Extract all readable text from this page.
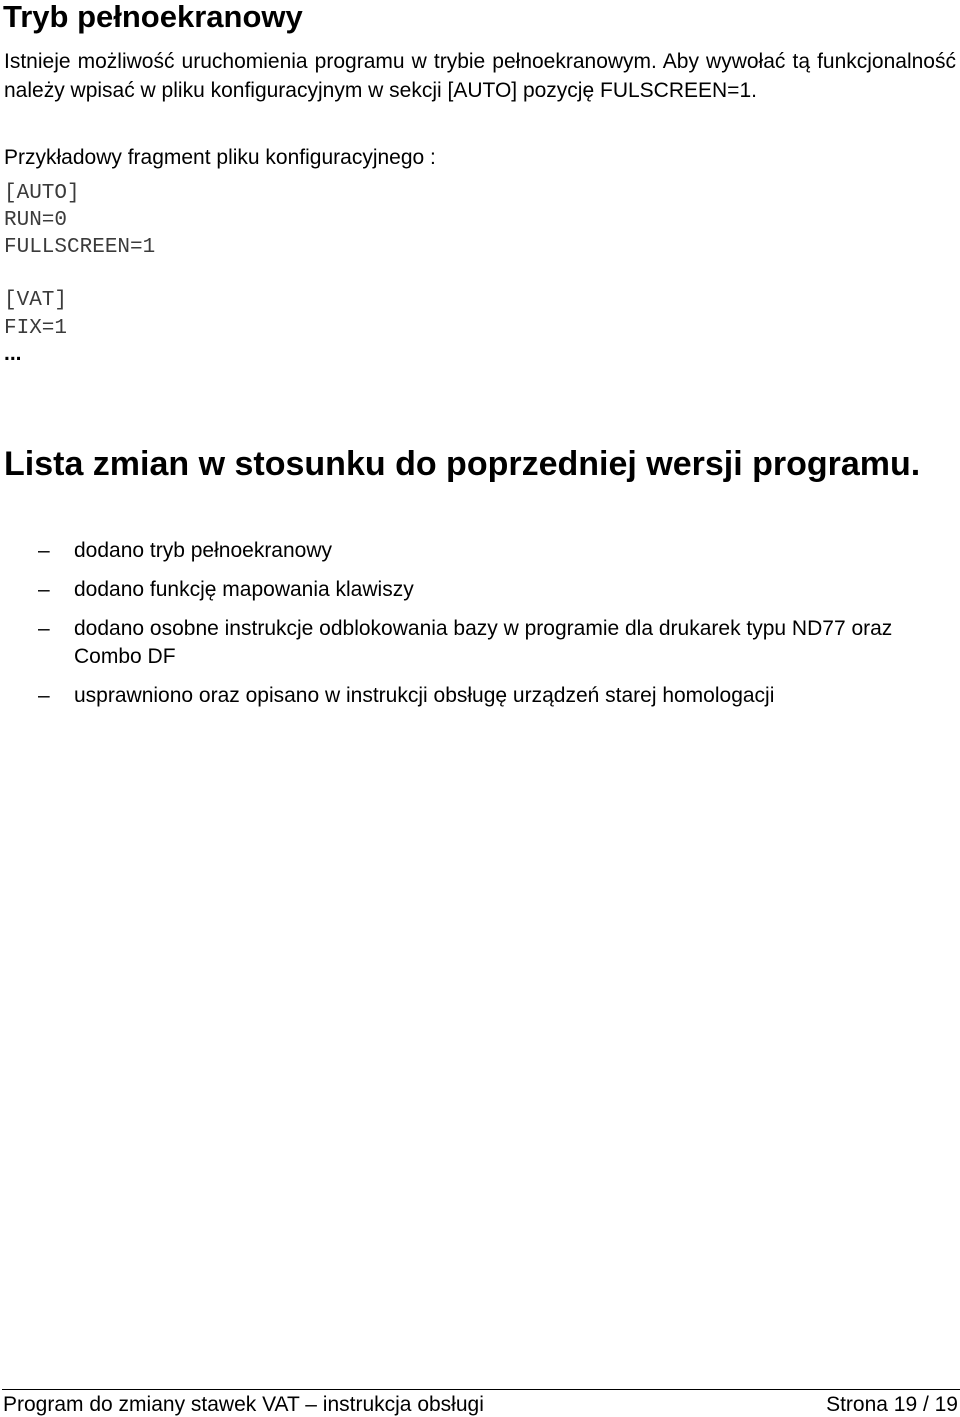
Tryb pełnoekranowy

Istnieje możliwość uruchomienia programu w trybie pełnoekranowym. Aby wywołać tą funkcjonalność należy wpisać w pliku konfiguracyjnym w sekcji [AUTO] pozycję FULSCREEN=1.

Przykładowy fragment pliku konfiguracyjnego :

[AUTO]
RUN=0
FULLSCREEN=1
[VAT]
FIX=1
...
Lista zmian w stosunku do poprzedniej wersji programu.
– dodano tryb pełnoekranowy
– dodano funkcję mapowania klawiszy
– dodano osobne instrukcje odblokowania bazy w programie dla drukarek typu ND77 oraz Combo DF
– usprawniono oraz opisano w instrukcji obsługę urządzeń starej homologacji
Program do zmiany stawek VAT – instrukcja obsługi	Strona 19 / 19
